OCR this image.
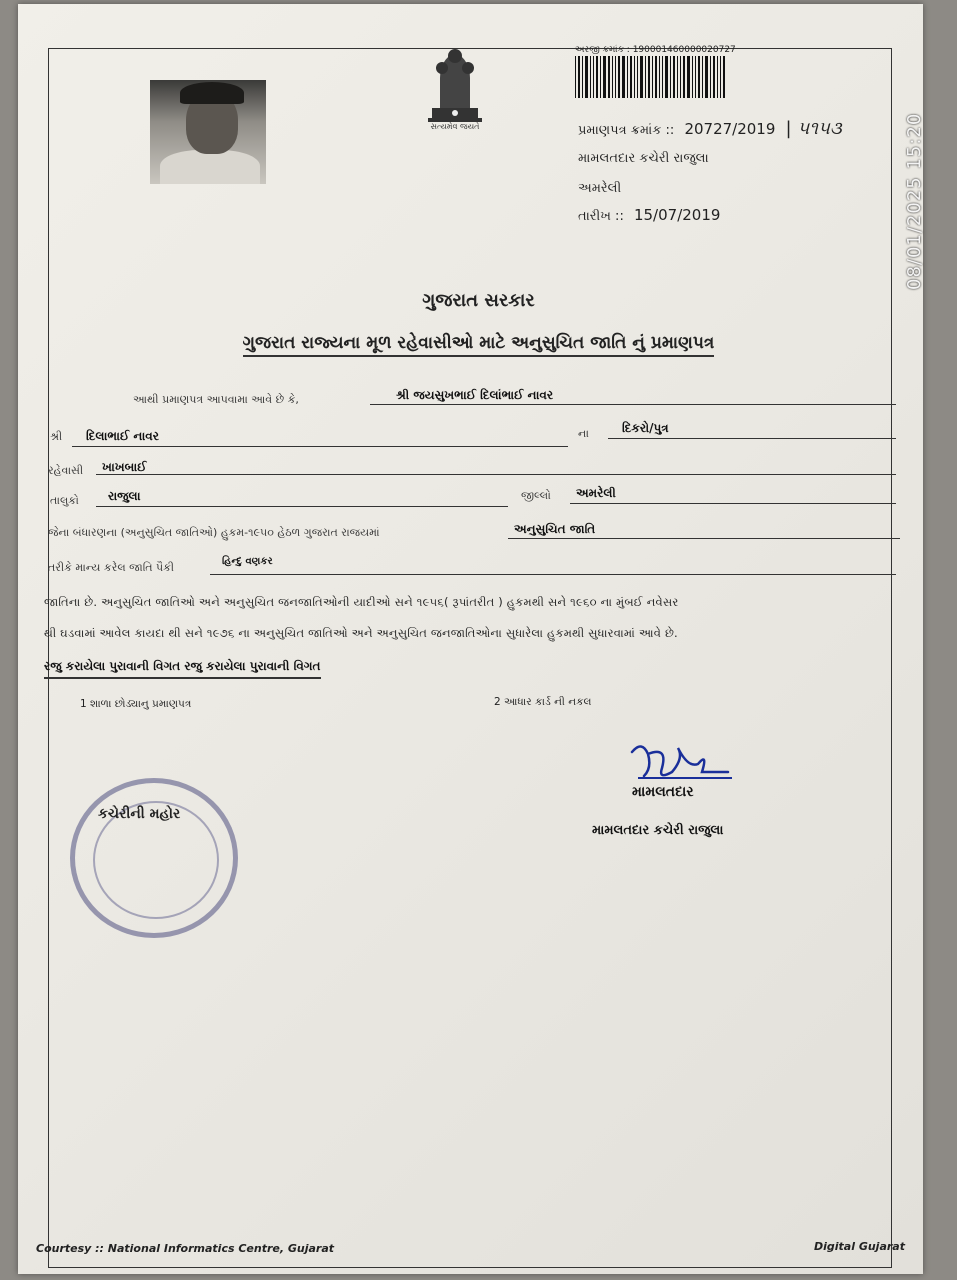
સત્યમેવ જયતે
અરજી ક્રમાંક : 190001460000020727
પ્રમાણપત્ર ક્રમાંક :: 20727/2019 | ૫૧૫૩
મામલતદાર કચેરી રાજુલા
અમરેલી
તારીખ :: 15/07/2019	08/01/2025 15:20
ગુજરાત સરકાર
ગુજરાત રાજ્યના મૂળ રહેવાસીઓ માટે અનુસુચિત જાતિ નું પ્રમાણપત્ર
આથી પ્રમાણપત્ર આપવામા આવે છે કે,	શ્રી જયસુખભાઈ દિલાંભાઈ નાવર
શ્રી દિલાભાઈ નાવર	ના	દિકરો/પુત્ર
રહેવાસી ખાખબાઈ
તાલુકો રાજુલા	જીલ્લો અમરેલી
જેના બંધારણના (અનુસુચિત જાતિઓ) હુકમ-૧૯૫૦ હેઠળ ગુજરાત રાજયમાં	અનુસુચિત જાતિ
તરીકે માન્ય કરેલ જાતિ પૈકી	હિન્દુ વણકર
જાતિના છે. અનુસુચિત જાતિઓ અને અનુસુચિત જનજાતિઓની યાદીઓ સને ૧૯૫૬( રૂપાંતરીત ) હુકમથી સને ૧૯૬૦ ના મુંબઈ નવેસર
થી ઘડવામાં આવેલ કાયદા થી સને ૧૯૭૬ ના અનુસુચિત જાતિઓ અને અનુસુચિત જનજાતિઓના સુધારેલા હુકમથી સુધારવામાં આવે છે.
રજુ કરાયેલા પુરાવાની વિગત રજુ કરાયેલા પુરાવાની વિગત
1 શાળા છોડ્યાનુ પ્રમાણપત્ર	2 આધાર કાર્ડ ની નકલ
મામલતદાર
મામલતદાર કચેરી રાજુલા
કચેરીની મહોર
Courtesy :: National Informatics Centre, Gujarat	Digital Gujarat
